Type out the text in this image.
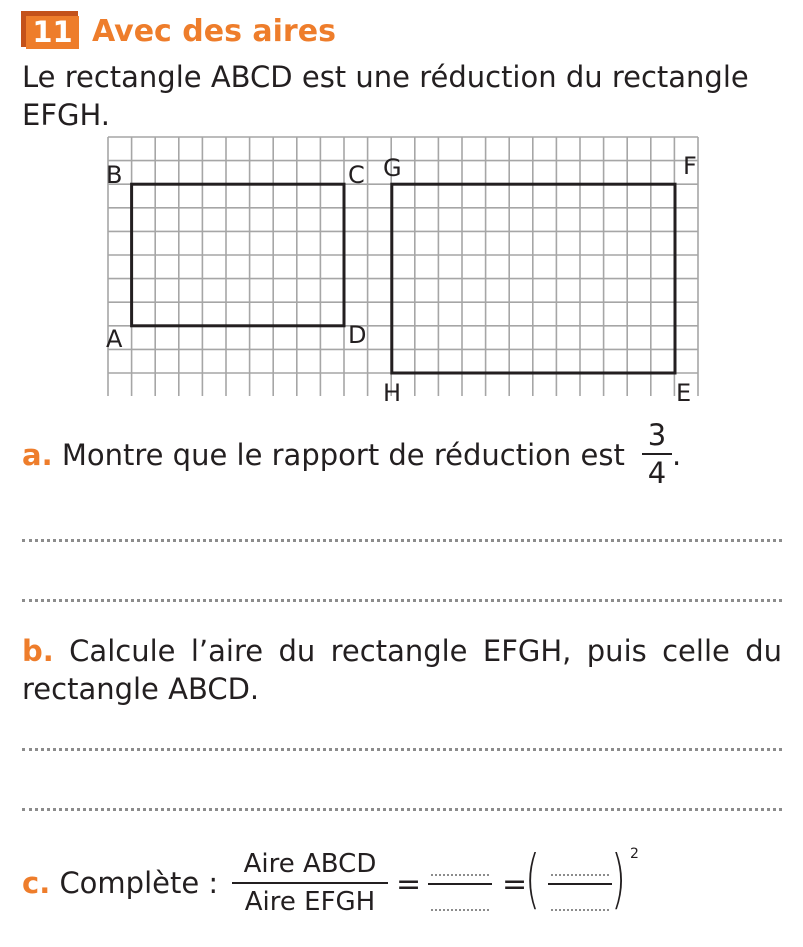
11 Avec des aires
Le rectangle ABCD est une réduction du rectangle EFGH.
B	C
A	D
G	F
H	E
a. Montre que le rapport de réduction est
3
4
.
b. Calcule l’aire du rectangle EFGH, puis celle du rectangle ABCD.
c. Complète :
Aire ABCD
Aire EFGH =	=
( ) 2
